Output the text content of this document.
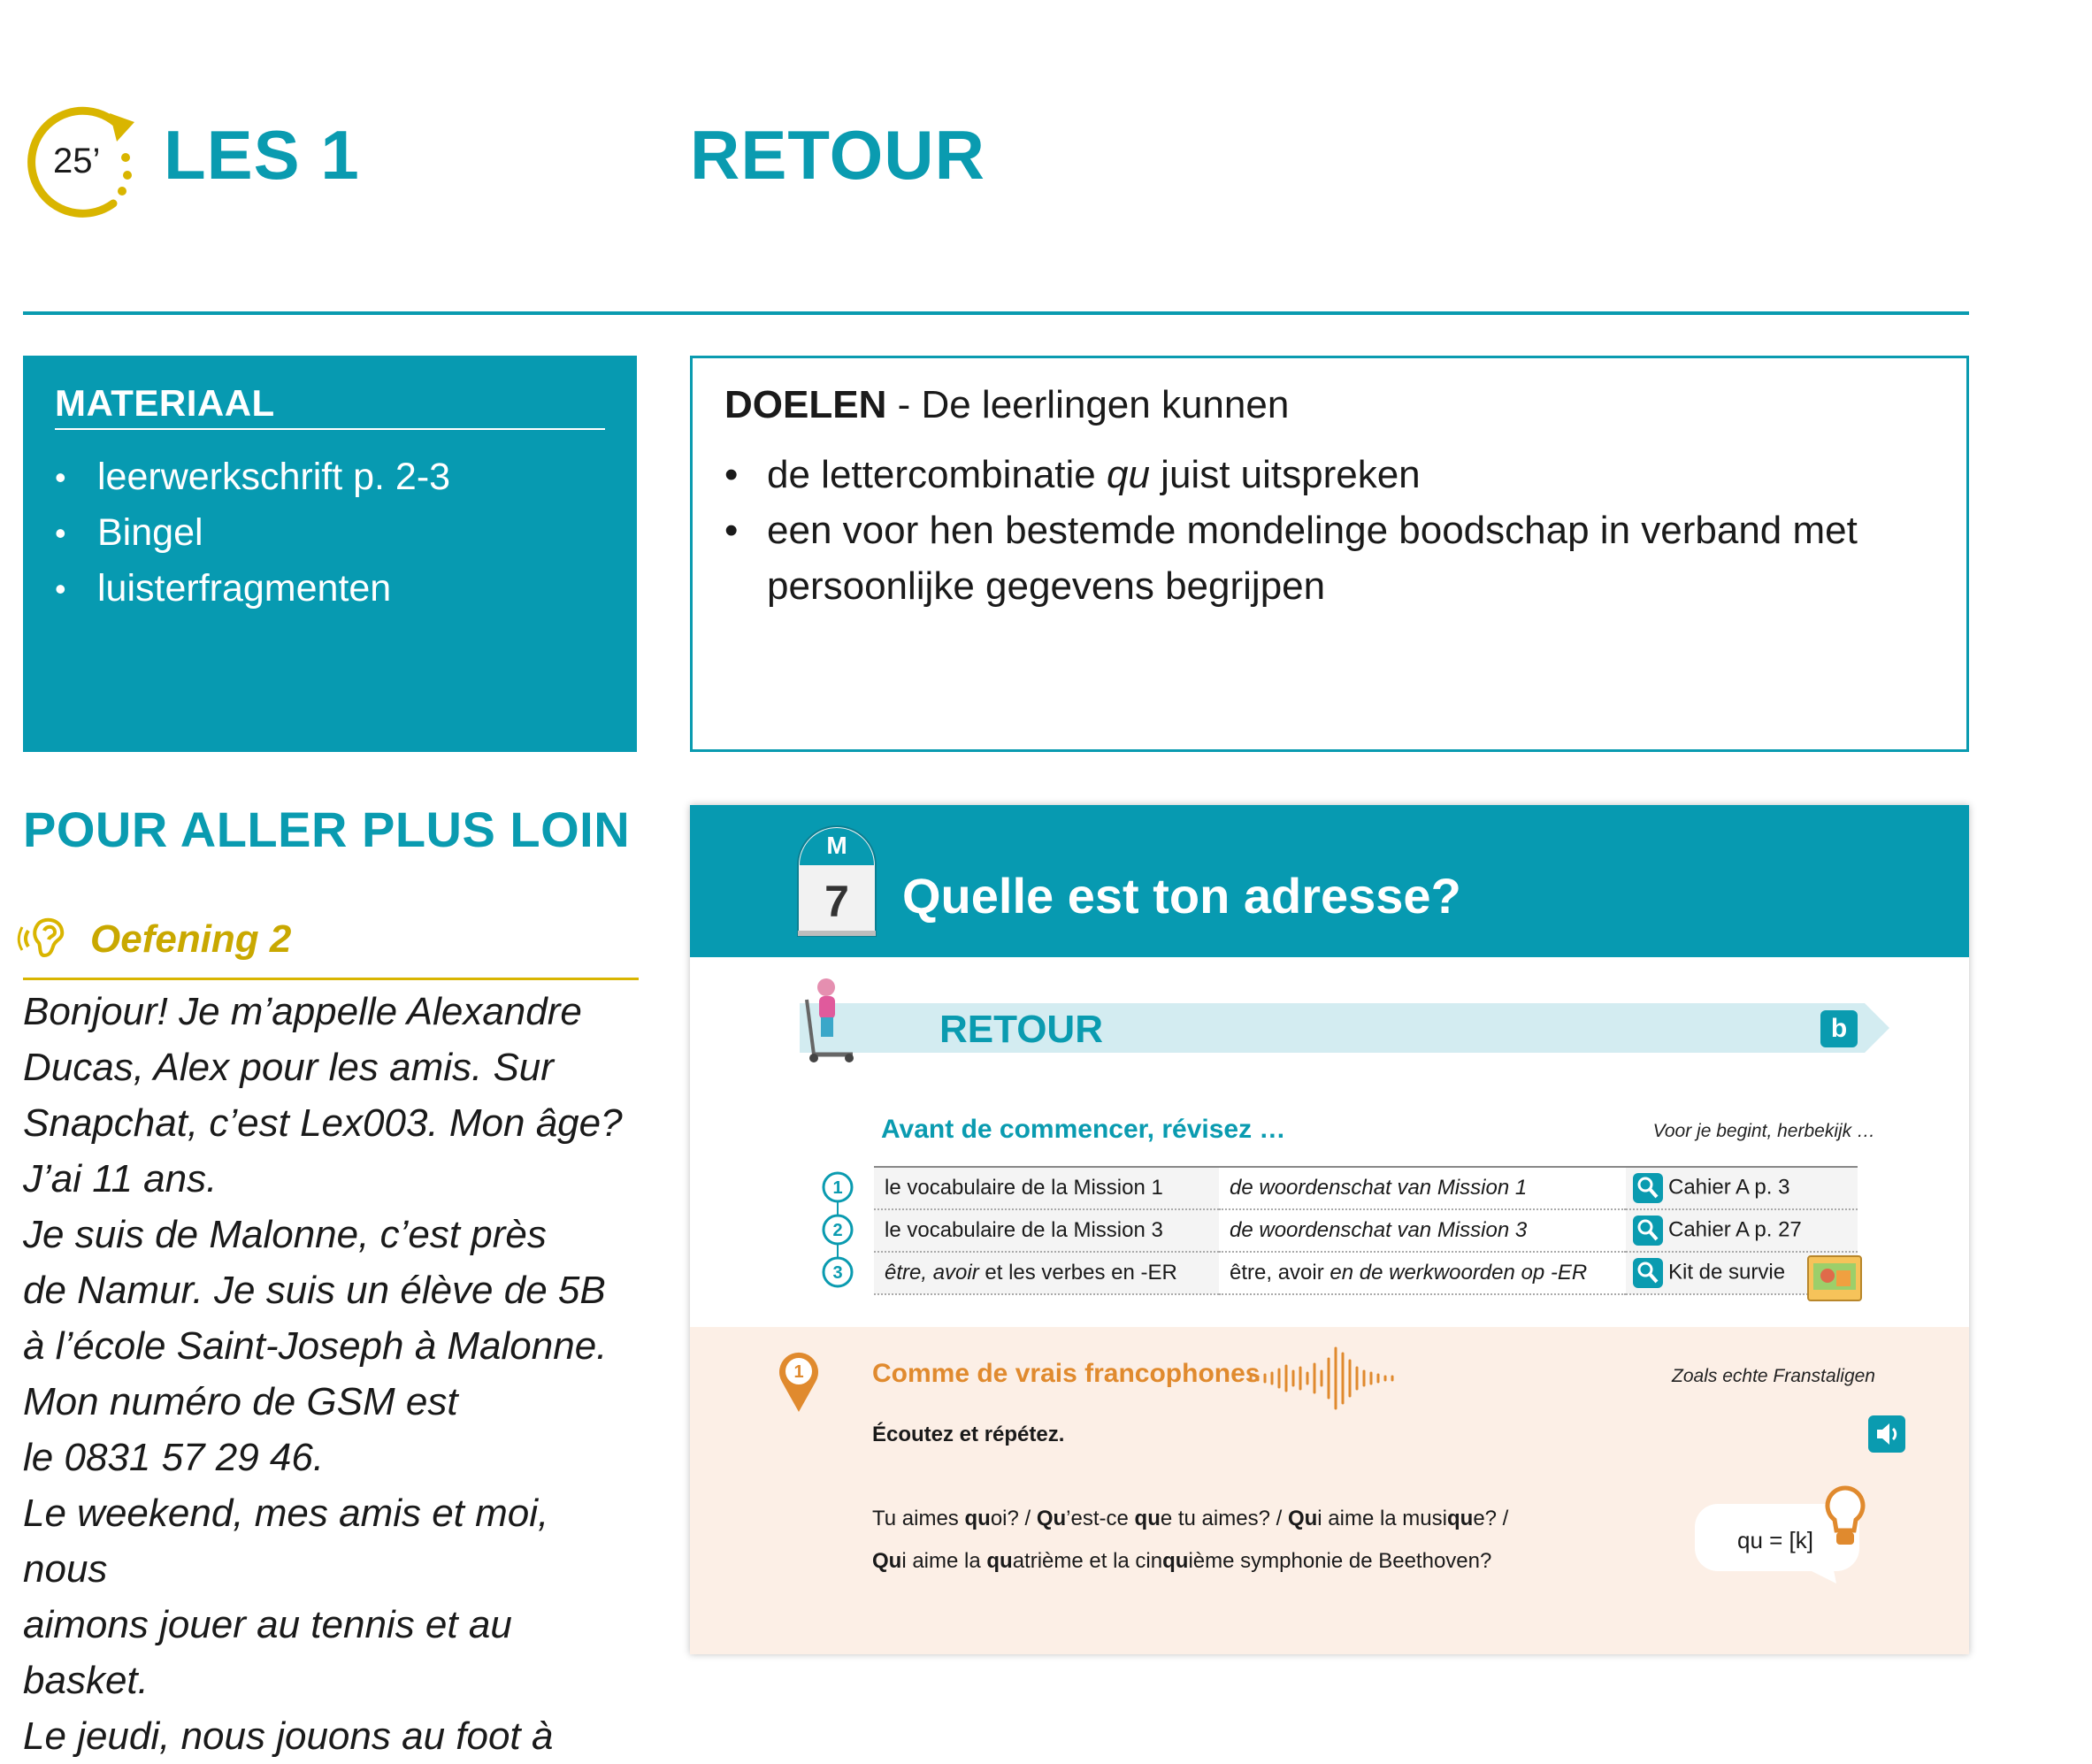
25’ LES 1	RETOUR
MATERIAAL
• leerwerkschrift p. 2-3
• Bingel
• luisterfragmenten
DOELEN - De leerlingen kunnen
• de lettercombinatie qu juist uitspreken
• een voor hen bestemde mondelinge boodschap in verband met persoonlijke gegevens begrijpen
POUR ALLER PLUS LOIN
Oefening 2
Bonjour! Je m’appelle Alexandre
Ducas, Alex pour les amis. Sur
Snapchat, c’est Lex003. Mon âge?
J’ai 11 ans.
Je suis de Malonne, c’est près
de Namur. Je suis un élève de 5B
à l’école Saint-Joseph à Malonne.
Mon numéro de GSM est
le 0831 57 29 46.
Le weekend, mes amis et moi, nous
aimons jouer au tennis et au basket.
Le jeudi, nous jouons au foot à
M
7	Quelle est ton adresse?
RETOUR	b
Avant de commencer, révisez …	Voor je begint, herbekijk …
1
2
3
le vocabulaire de la Mission 1	de woordenschat van Mission 1	Cahier A p. 3
le vocabulaire de la Mission 3	de woordenschat van Mission 3	Cahier A p. 27
être, avoir et les verbes en -ER	être, avoir en de werkwoorden op -ER	Kit de survie
1	Comme de vrais francophones	Zoals echte Franstaligen
Écoutez et répétez.
Tu aimes quoi? / Qu’est-ce que tu aimes? / Qui aime la musique? /
Qui aime la quatrième et la cinquième symphonie de Beethoven?
qu = [k]
